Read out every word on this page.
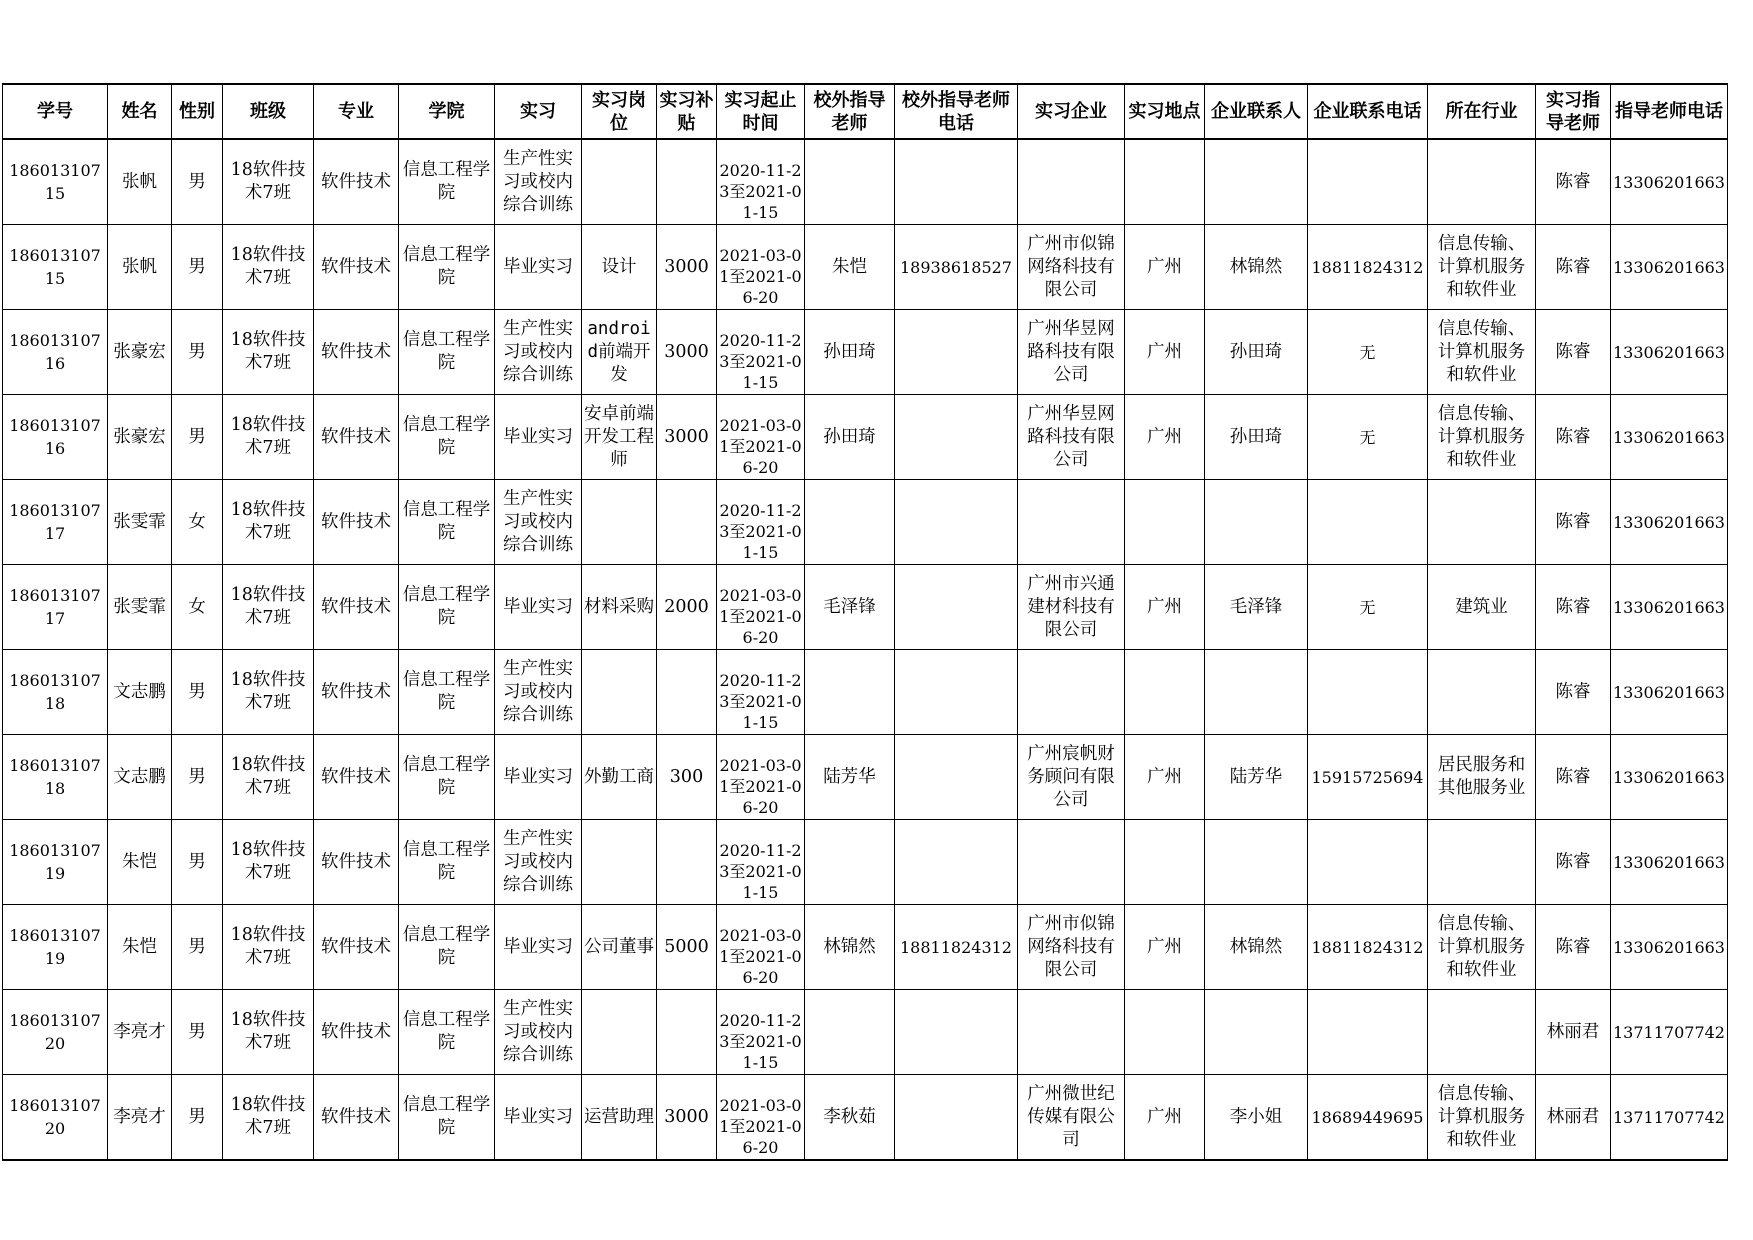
学号	姓名	性别	班级	专业	学院	实习	实习岗位	实习补贴	实习起止时间	校外指导老师	校外指导老师电话	实习企业	实习地点	企业联系人	企业联系电话	所在行业	实习指导老师	指导老师电话
18601310715	张帆	男	18软件技术7班	软件技术	信息工程学院	生产性实习或校内综合训练			2020-11-23至2021-01-15								陈睿	13306201663
18601310715	张帆	男	18软件技术7班	软件技术	信息工程学院	毕业实习	设计	3000	2021-03-01至2021-06-20	朱恺	18938618527	广州市似锦网络科技有限公司	广州	林锦然	18811824312	信息传输、计算机服务和软件业	陈睿	13306201663
18601310716	张豪宏	男	18软件技术7班	软件技术	信息工程学院	生产性实习或校内综合训练	android前端开发	3000	2020-11-23至2021-01-15	孙田琦		广州华昱网路科技有限公司	广州	孙田琦	无	信息传输、计算机服务和软件业	陈睿	13306201663
18601310716	张豪宏	男	18软件技术7班	软件技术	信息工程学院	毕业实习	安卓前端开发工程师	3000	2021-03-01至2021-06-20	孙田琦		广州华昱网路科技有限公司	广州	孙田琦	无	信息传输、计算机服务和软件业	陈睿	13306201663
18601310717	张雯霏	女	18软件技术7班	软件技术	信息工程学院	生产性实习或校内综合训练			2020-11-23至2021-01-15								陈睿	13306201663
18601310717	张雯霏	女	18软件技术7班	软件技术	信息工程学院	毕业实习	材料采购	2000	2021-03-01至2021-06-20	毛泽锋		广州市兴通建材科技有限公司	广州	毛泽锋	无	建筑业	陈睿	13306201663
18601310718	文志鹏	男	18软件技术7班	软件技术	信息工程学院	生产性实习或校内综合训练			2020-11-23至2021-01-15								陈睿	13306201663
18601310718	文志鹏	男	18软件技术7班	软件技术	信息工程学院	毕业实习	外勤工商	300	2021-03-01至2021-06-20	陆芳华		广州宸帆财务顾问有限公司	广州	陆芳华	15915725694	居民服务和其他服务业	陈睿	13306201663
18601310719	朱恺	男	18软件技术7班	软件技术	信息工程学院	生产性实习或校内综合训练			2020-11-23至2021-01-15								陈睿	13306201663
18601310719	朱恺	男	18软件技术7班	软件技术	信息工程学院	毕业实习	公司董事	5000	2021-03-01至2021-06-20	林锦然	18811824312	广州市似锦网络科技有限公司	广州	林锦然	18811824312	信息传输、计算机服务和软件业	陈睿	13306201663
18601310720	李亮才	男	18软件技术7班	软件技术	信息工程学院	生产性实习或校内综合训练			2020-11-23至2021-01-15								林丽君	13711707742
18601310720	李亮才	男	18软件技术7班	软件技术	信息工程学院	毕业实习	运营助理	3000	2021-03-01至2021-06-20	李秋茹		广州微世纪传媒有限公司	广州	李小姐	18689449695	信息传输、计算机服务和软件业	林丽君	13711707742
